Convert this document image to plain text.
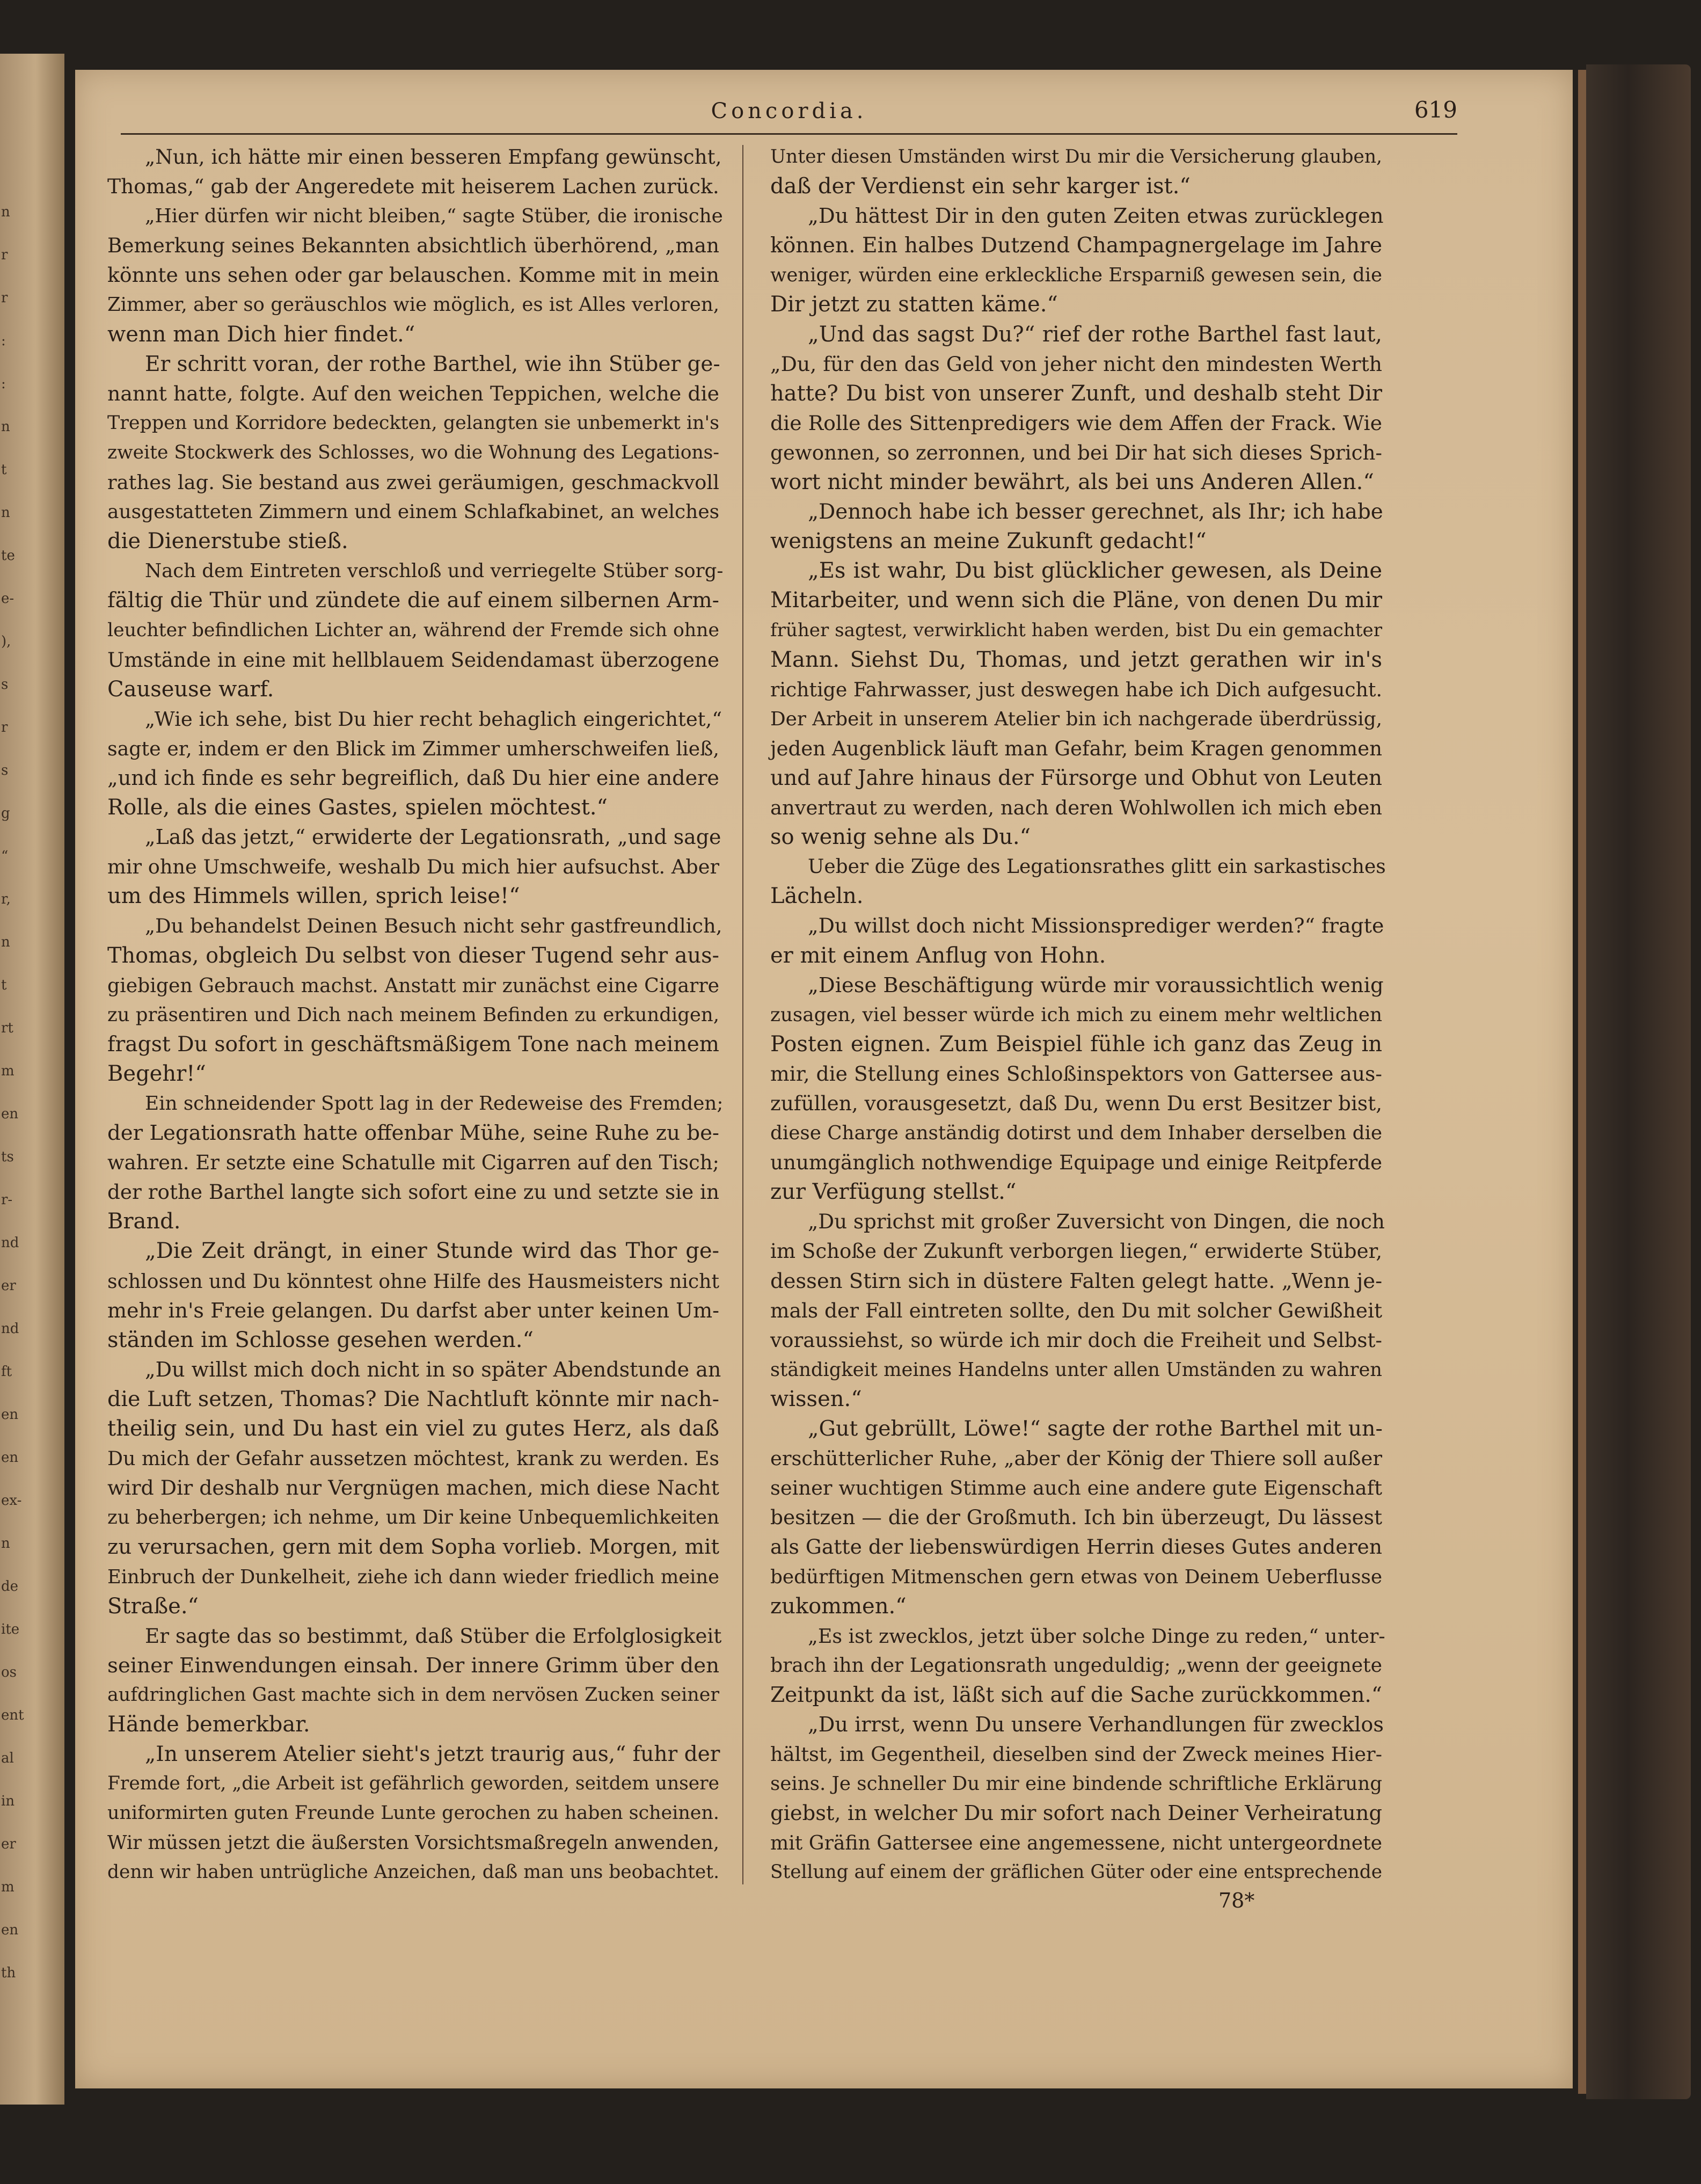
n
r
r
:
:
n
t
n
te
e-
),
s
r
s
g
“
r,
n
t
rt
m
en
ts
r-
nd
er
nd
ft
en
en
ex-
n
de
ite
os
ent
al
in
er
m
en
th
Concordia.	619
„Nun, ich hätte mir einen besseren Empfang gewünscht,
Thomas,“ gab der Angeredete mit heiserem Lachen zurück.
„Hier dürfen wir nicht bleiben,“ sagte Stüber, die ironische
Bemerkung seines Bekannten absichtlich überhörend, „man
könnte uns sehen oder gar belauschen. Komme mit in mein
Zimmer, aber so geräuschlos wie möglich, es ist Alles verloren,
wenn man Dich hier findet.“
Er schritt voran, der rothe Barthel, wie ihn Stüber ge-
nannt hatte, folgte. Auf den weichen Teppichen, welche die
Treppen und Korridore bedeckten, gelangten sie unbemerkt in's
zweite Stockwerk des Schlosses, wo die Wohnung des Legations-
rathes lag. Sie bestand aus zwei geräumigen, geschmackvoll
ausgestatteten Zimmern und einem Schlafkabinet, an welches
die Dienerstube stieß.
Nach dem Eintreten verschloß und verriegelte Stüber sorg-
fältig die Thür und zündete die auf einem silbernen Arm-
leuchter befindlichen Lichter an, während der Fremde sich ohne
Umstände in eine mit hellblauem Seidendamast überzogene
Causeuse warf.
„Wie ich sehe, bist Du hier recht behaglich eingerichtet,“
sagte er, indem er den Blick im Zimmer umherschweifen ließ,
„und ich finde es sehr begreiflich, daß Du hier eine andere
Rolle, als die eines Gastes, spielen möchtest.“
„Laß das jetzt,“ erwiderte der Legationsrath, „und sage
mir ohne Umschweife, weshalb Du mich hier aufsuchst. Aber
um des Himmels willen, sprich leise!“
„Du behandelst Deinen Besuch nicht sehr gastfreundlich,
Thomas, obgleich Du selbst von dieser Tugend sehr aus-
giebigen Gebrauch machst. Anstatt mir zunächst eine Cigarre
zu präsentiren und Dich nach meinem Befinden zu erkundigen,
fragst Du sofort in geschäftsmäßigem Tone nach meinem
Begehr!“
Ein schneidender Spott lag in der Redeweise des Fremden;
der Legationsrath hatte offenbar Mühe, seine Ruhe zu be-
wahren. Er setzte eine Schatulle mit Cigarren auf den Tisch;
der rothe Barthel langte sich sofort eine zu und setzte sie in
Brand.
„Die Zeit drängt, in einer Stunde wird das Thor ge-
schlossen und Du könntest ohne Hilfe des Hausmeisters nicht
mehr in's Freie gelangen. Du darfst aber unter keinen Um-
ständen im Schlosse gesehen werden.“
„Du willst mich doch nicht in so später Abendstunde an
die Luft setzen, Thomas? Die Nachtluft könnte mir nach-
theilig sein, und Du hast ein viel zu gutes Herz, als daß
Du mich der Gefahr aussetzen möchtest, krank zu werden. Es
wird Dir deshalb nur Vergnügen machen, mich diese Nacht
zu beherbergen; ich nehme, um Dir keine Unbequemlichkeiten
zu verursachen, gern mit dem Sopha vorlieb. Morgen, mit
Einbruch der Dunkelheit, ziehe ich dann wieder friedlich meine
Straße.“
Er sagte das so bestimmt, daß Stüber die Erfolglosigkeit
seiner Einwendungen einsah. Der innere Grimm über den
aufdringlichen Gast machte sich in dem nervösen Zucken seiner
Hände bemerkbar.
„In unserem Atelier sieht's jetzt traurig aus,“ fuhr der
Fremde fort, „die Arbeit ist gefährlich geworden, seitdem unsere
uniformirten guten Freunde Lunte gerochen zu haben scheinen.
Wir müssen jetzt die äußersten Vorsichtsmaßregeln anwenden,
denn wir haben untrügliche Anzeichen, daß man uns beobachtet.
Unter diesen Umständen wirst Du mir die Versicherung glauben,
daß der Verdienst ein sehr karger ist.“
„Du hättest Dir in den guten Zeiten etwas zurücklegen
können. Ein halbes Dutzend Champagnergelage im Jahre
weniger, würden eine erkleckliche Ersparniß gewesen sein, die
Dir jetzt zu statten käme.“
„Und das sagst Du?“ rief der rothe Barthel fast laut,
„Du, für den das Geld von jeher nicht den mindesten Werth
hatte? Du bist von unserer Zunft, und deshalb steht Dir
die Rolle des Sittenpredigers wie dem Affen der Frack. Wie
gewonnen, so zerronnen, und bei Dir hat sich dieses Sprich-
wort nicht minder bewährt, als bei uns Anderen Allen.“
„Dennoch habe ich besser gerechnet, als Ihr; ich habe
wenigstens an meine Zukunft gedacht!“
„Es ist wahr, Du bist glücklicher gewesen, als Deine
Mitarbeiter, und wenn sich die Pläne, von denen Du mir
früher sagtest, verwirklicht haben werden, bist Du ein gemachter
Mann. Siehst Du, Thomas, und jetzt gerathen wir in's
richtige Fahrwasser, just deswegen habe ich Dich aufgesucht.
Der Arbeit in unserem Atelier bin ich nachgerade überdrüssig,
jeden Augenblick läuft man Gefahr, beim Kragen genommen
und auf Jahre hinaus der Fürsorge und Obhut von Leuten
anvertraut zu werden, nach deren Wohlwollen ich mich eben
so wenig sehne als Du.“
Ueber die Züge des Legationsrathes glitt ein sarkastisches
Lächeln.
„Du willst doch nicht Missionsprediger werden?“ fragte
er mit einem Anflug von Hohn.
„Diese Beschäftigung würde mir voraussichtlich wenig
zusagen, viel besser würde ich mich zu einem mehr weltlichen
Posten eignen. Zum Beispiel fühle ich ganz das Zeug in
mir, die Stellung eines Schloßinspektors von Gattersee aus-
zufüllen, vorausgesetzt, daß Du, wenn Du erst Besitzer bist,
diese Charge anständig dotirst und dem Inhaber derselben die
unumgänglich nothwendige Equipage und einige Reitpferde
zur Verfügung stellst.“
„Du sprichst mit großer Zuversicht von Dingen, die noch
im Schoße der Zukunft verborgen liegen,“ erwiderte Stüber,
dessen Stirn sich in düstere Falten gelegt hatte. „Wenn je-
mals der Fall eintreten sollte, den Du mit solcher Gewißheit
voraussiehst, so würde ich mir doch die Freiheit und Selbst-
ständigkeit meines Handelns unter allen Umständen zu wahren
wissen.“
„Gut gebrüllt, Löwe!“ sagte der rothe Barthel mit un-
erschütterlicher Ruhe, „aber der König der Thiere soll außer
seiner wuchtigen Stimme auch eine andere gute Eigenschaft
besitzen — die der Großmuth. Ich bin überzeugt, Du lässest
als Gatte der liebenswürdigen Herrin dieses Gutes anderen
bedürftigen Mitmenschen gern etwas von Deinem Ueberflusse
zukommen.“
„Es ist zwecklos, jetzt über solche Dinge zu reden,“ unter-
brach ihn der Legationsrath ungeduldig; „wenn der geeignete
Zeitpunkt da ist, läßt sich auf die Sache zurückkommen.“
„Du irrst, wenn Du unsere Verhandlungen für zwecklos
hältst, im Gegentheil, dieselben sind der Zweck meines Hier-
seins. Je schneller Du mir eine bindende schriftliche Erklärung
giebst, in welcher Du mir sofort nach Deiner Verheiratung
mit Gräfin Gattersee eine angemessene, nicht untergeordnete
Stellung auf einem der gräflichen Güter oder eine entsprechende
78*
